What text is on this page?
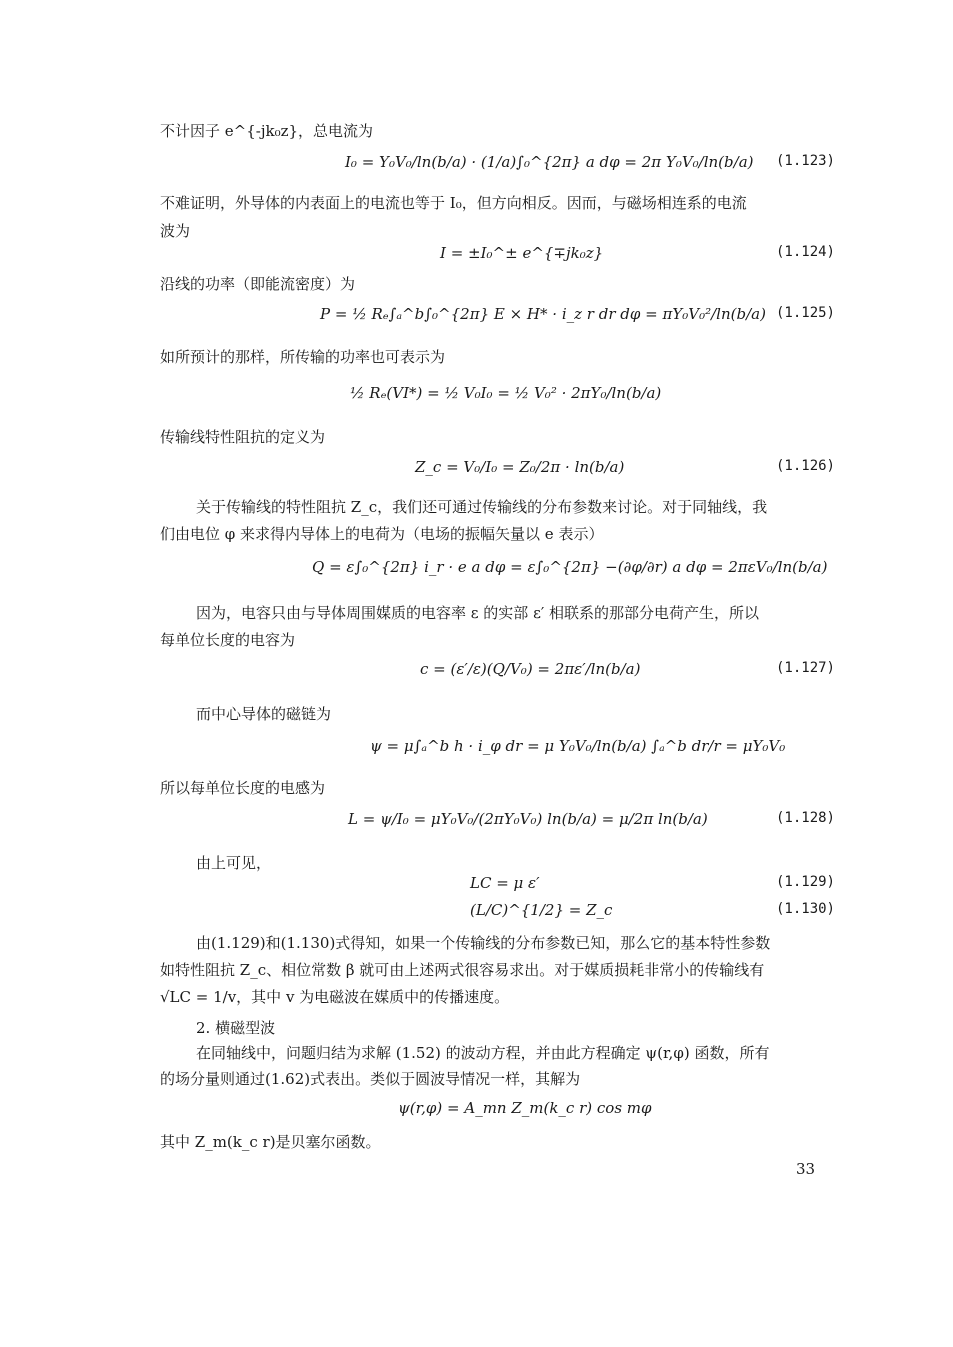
不计因子 e^{-jk₀z}，总电流为
I₀ = Y₀V₀/ln(b/a) · (1/a)∫₀^{2π} a dφ = 2π Y₀V₀/ln(b/a) (1.123)
不难证明，外导体的内表面上的电流也等于 I₀，但方向相反。因而，与磁场相连系的电流
波为
I = ±I₀^± e^{∓jk₀z}	(1.124)
沿线的功率（即能流密度）为
P = ½ Rₑ∫ₐ^b∫₀^{2π} E × H* · i_z r dr dφ = πY₀V₀²/ln(b/a) (1.125)
如所预计的那样，所传输的功率也可表示为
½ Rₑ(VI*) = ½ V₀I₀ = ½ V₀² · 2πY₀/ln(b/a)
传输线特性阻抗的定义为
Z_c = V₀/I₀ = Z₀/2π · ln(b/a)	(1.126)
关于传输线的特性阻抗 Z_c，我们还可通过传输线的分布参数来讨论。对于同轴线，我
们由电位 φ 来求得内导体上的电荷为（电场的振幅矢量以 e 表示）
Q = ε∫₀^{2π} i_r · e a dφ = ε∫₀^{2π} −(∂φ/∂r) a dφ = 2πεV₀/ln(b/a)
因为，电容只由与导体周围媒质的电容率 ε 的实部 ε′ 相联系的那部分电荷产生，所以
每单位长度的电容为
c = (ε′/ε)(Q/V₀) = 2πε′/ln(b/a)	(1.127)
而中心导体的磁链为
ψ = μ∫ₐ^b h · i_φ dr = μ Y₀V₀/ln(b/a) ∫ₐ^b dr/r = μY₀V₀
所以每单位长度的电感为
L = ψ/I₀ = μY₀V₀/(2πY₀V₀) ln(b/a) = μ/2π ln(b/a)	(1.128)
由上可见，
LC = μ ε′	(1.129)
(L/C)^{1/2} = Z_c	(1.130)
由(1.129)和(1.130)式得知，如果一个传输线的分布参数已知，那么它的基本特性参数
如特性阻抗 Z_c、相位常数 β 就可由上述两式很容易求出。对于媒质损耗非常小的传输线有
√LC = 1/v，其中 v 为电磁波在媒质中的传播速度。
2. 横磁型波
在同轴线中，问题归结为求解 (1.52) 的波动方程，并由此方程确定 ψ(r,φ) 函数，所有
的场分量则通过(1.62)式表出。类似于圆波导情况一样，其解为
ψ(r,φ) = A_mn Z_m(k_c r) cos mφ
其中 Z_m(k_c r)是贝塞尔函数。
33
